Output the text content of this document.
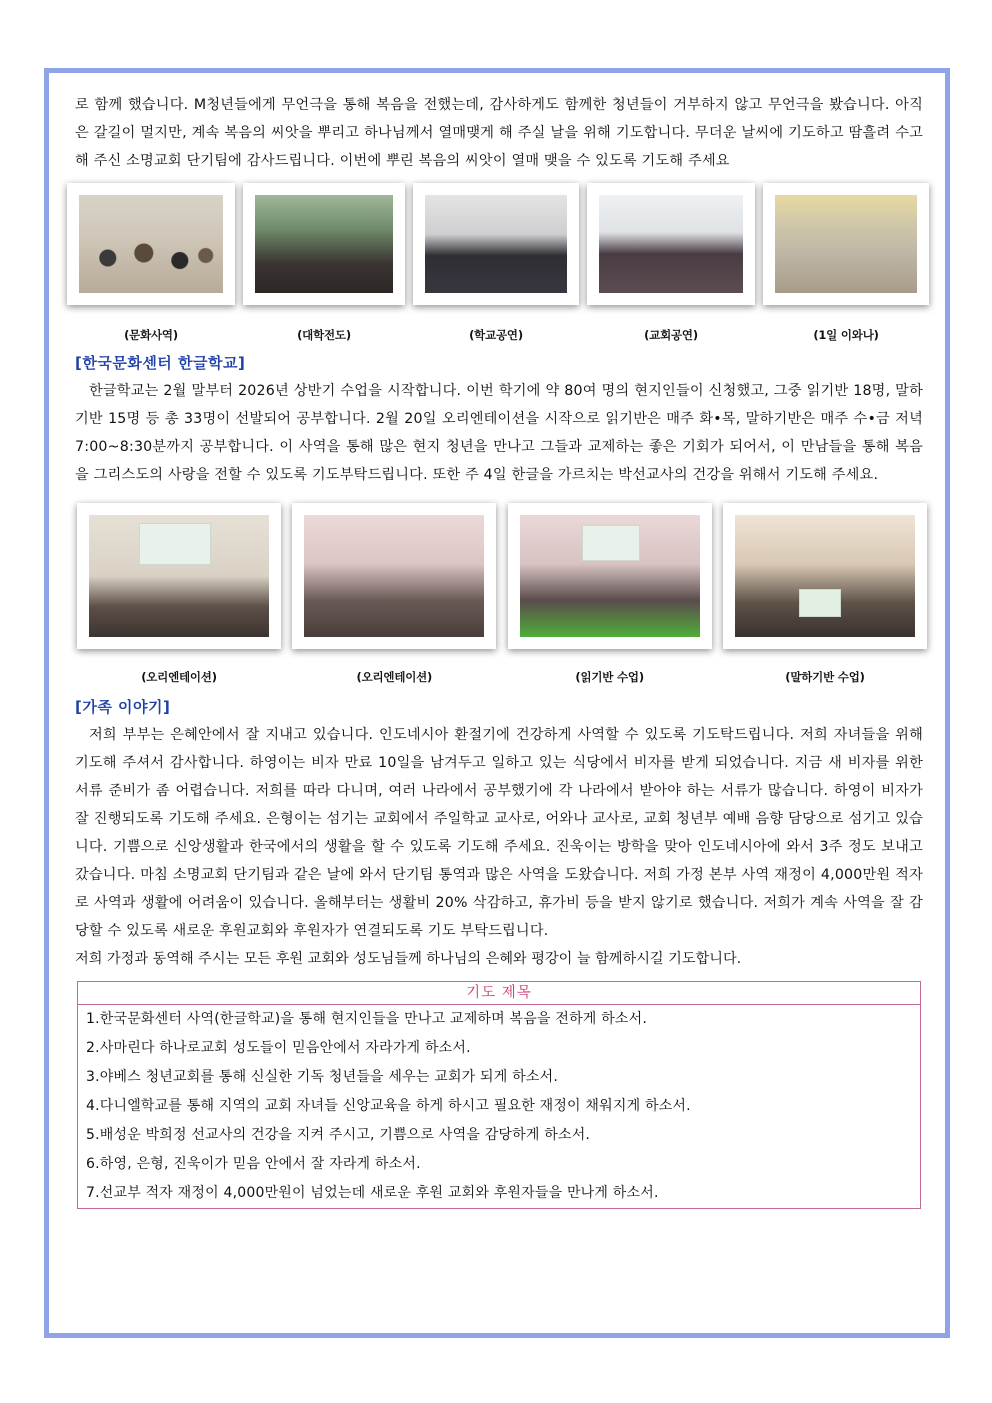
로 함께 했습니다. M청년들에게 무언극을 통해 복음을 전했는데, 감사하게도 함께한 청년들이 거부하지 않고 무언극을 봤습니다. 아직은 갈길이 멀지만, 계속 복음의 씨앗을 뿌리고 하나님께서 열매맺게 해 주실 날을 위해 기도합니다. 무더운 날씨에 기도하고 땀흘려 수고해 주신 소명교회 단기팀에 감사드립니다. 이번에 뿌린 복음의 씨앗이 열매 맺을 수 있도록 기도해 주세요

(문화사역)	(대학전도)	(학교공연)	(교회공연)	(1일 이와나)
[한국문화센터 한글학교]

한글학교는 2월 말부터 2026년 상반기 수업을 시작합니다. 이번 학기에 약 80여 명의 현지인들이 신청했고, 그중 읽기반 18명, 말하기반 15명 등 총 33명이 선발되어 공부합니다. 2월 20일 오리엔테이션을 시작으로 읽기반은 매주 화•목, 말하기반은 매주 수•금 저녁 7:00~8:30분까지 공부합니다. 이 사역을 통해 많은 현지 청년을 만나고 그들과 교제하는 좋은 기회가 되어서, 이 만남들을 통해 복음을 그리스도의 사랑을 전할 수 있도록 기도부탁드립니다. 또한 주 4일 한글을 가르치는 박선교사의 건강을 위해서 기도해 주세요.

(오리엔테이션)	(오리엔테이션)	(읽기반 수업)	(말하기반 수업)
[가족 이야기]

저희 부부는 은혜안에서 잘 지내고 있습니다. 인도네시아 환절기에 건강하게 사역할 수 있도록 기도탁드립니다. 저희 자녀들을 위해 기도해 주셔서 감사합니다. 하영이는 비자 만료 10일을 남겨두고 일하고 있는 식당에서 비자를 받게 되었습니다. 지금 새 비자를 위한 서류 준비가 좀 어렵습니다. 저희를 따라 다니며, 여러 나라에서 공부했기에 각 나라에서 받아야 하는 서류가 많습니다. 하영이 비자가 잘 진행되도록 기도해 주세요. 은형이는 섬기는 교회에서 주일학교 교사로, 어와나 교사로, 교회 청년부 예배 음향 담당으로 섬기고 있습니다. 기쁨으로 신앙생활과 한국에서의 생활을 할 수 있도록 기도해 주세요. 진욱이는 방학을 맞아 인도네시아에 와서 3주 정도 보내고 갔습니다. 마침 소명교회 단기팀과 같은 날에 와서 단기팀 통역과 많은 사역을 도왔습니다. 저희 가정 본부 사역 재정이 4,000만원 적자로 사역과 생활에 어려움이 있습니다. 올해부터는 생활비 20% 삭감하고, 휴가비 등을 받지 않기로 했습니다. 저희가 계속 사역을 잘 감당할 수 있도록 새로운 후원교회와 후원자가 연결되도록 기도 부탁드립니다.

저희 가정과 동역해 주시는 모든 후원 교회와 성도님들께 하나님의 은혜와 평강이 늘 함께하시길 기도합니다.

기도 제목
1.한국문화센터 사역(한글학교)을 통해 현지인들을 만나고 교제하며 복음을 전하게 하소서.
2.사마린다 하나로교회 성도들이 믿음안에서 자라가게 하소서.
3.야베스 청년교회를 통해 신실한 기독 청년들을 세우는 교회가 되게 하소서.
4.다니엘학교를 통해 지역의 교회 자녀들 신앙교육을 하게 하시고 필요한 재정이 채워지게 하소서.
5.배성운 박희정 선교사의 건강을 지켜 주시고, 기쁨으로 사역을 감당하게 하소서.
6.하영, 은형, 진욱이가 믿음 안에서 잘 자라게 하소서.
7.선교부 적자 재정이 4,000만원이 넘었는데 새로운 후원 교회와 후원자들을 만나게 하소서.
